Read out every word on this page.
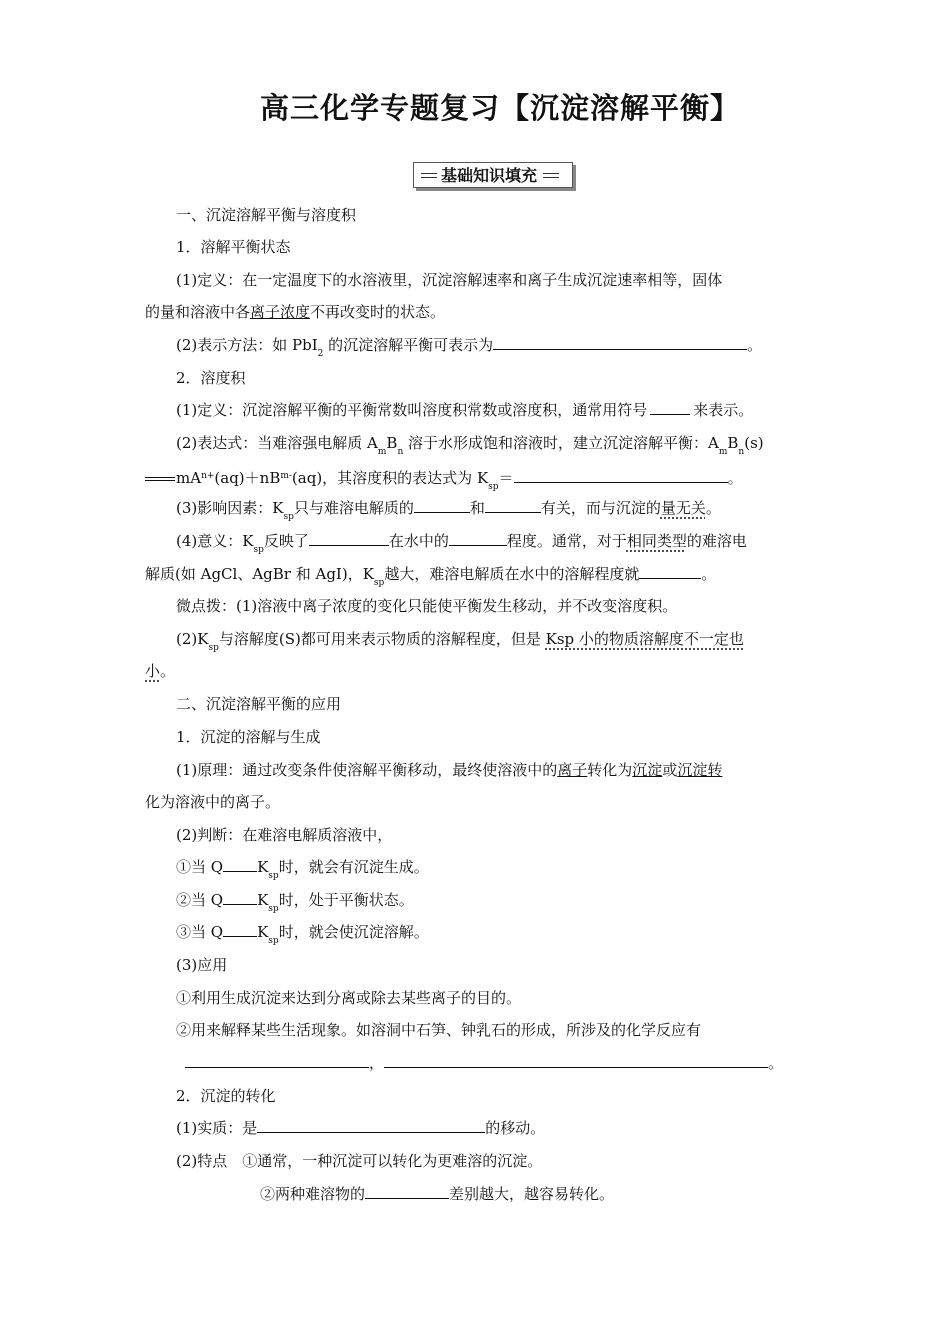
高三化学专题复习【沉淀溶解平衡】
基础知识填充
一、沉淀溶解平衡与溶度积
1．溶解平衡状态
(1)定义：在一定温度下的水溶液里，沉淀溶解速率和离子生成沉淀速率相等，固体
的量和溶液中各离子浓度不再改变时的状态。
(2)表示方法：如 PbI$_2$ 的沉淀溶解平衡可表示为	。
2．溶度积
(1)定义：沉淀溶解平衡的平衡常数叫溶度积常数或溶度积，通常用符号	来表示。
(2)表达式：当难溶强电解质 $A_mB_n$ 溶于水形成饱和溶液时，建立沉淀溶解平衡：$A_mB_n(s)$
$mA^{n+}(aq)+nB^{m-}(aq)$，其溶度积的表达式为 $K_{sp}=$	。
(3)影响因素：$K_{sp}$只与难溶电解质的	和	有关，而与沉淀的量无关。
(4)意义：$K_{sp}$反映了	在水中的	程度。通常，对于相同类型的难溶电
解质(如 AgCl、AgBr 和 AgI)，$K_{sp}$越大，难溶电解质在水中的溶解程度就	。
微点拨：(1)溶液中离子浓度的变化只能使平衡发生移动，并不改变溶度积。
$(2)K_{sp}$与溶解度(S)都可用来表示物质的溶解程度，但是 Ksp 小的物质溶解度不一定也
小。
二、沉淀溶解平衡的应用
1．沉淀的溶解与生成
(1)原理：通过改变条件使溶解平衡移动，最终使溶液中的离子转化为沉淀或沉淀转
化为溶液中的离子。
(2)判断：在难溶电解质溶液中，
①当 Q $K_{sp}$时，就会有沉淀生成。
②当 Q $K_{sp}$时，处于平衡状态。
③当 Q $K_{sp}$时，就会使沉淀溶解。
(3)应用
①利用生成沉淀来达到分离或除去某些离子的目的。
②用来解释某些生活现象。如溶洞中石笋、钟乳石的形成，所涉及的化学反应有
，	。
2．沉淀的转化
(1)实质：是	的移动。
(2)特点　①通常，一种沉淀可以转化为更难溶的沉淀。
②两种难溶物的	差别越大，越容易转化。
